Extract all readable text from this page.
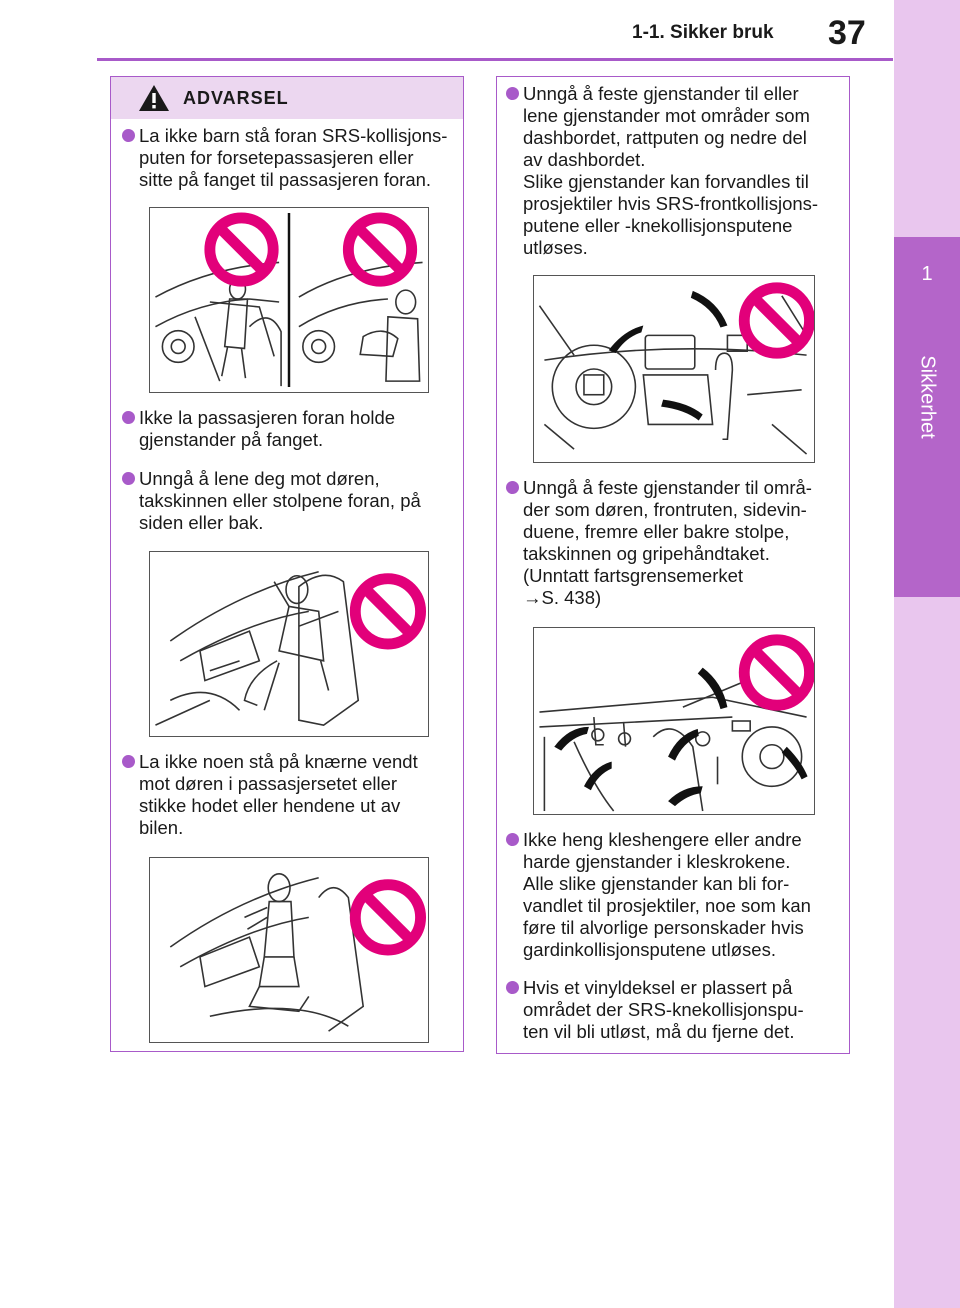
1-1. Sikker bruk 37
1
Sikkerhet
ADVARSEL
La ikke barn stå foran SRS-kollisjons-
puten for forsetepassasjeren eller
sitte på fanget til passasjeren foran.
Ikke la passasjeren foran holde
gjenstander på fanget.
Unngå å lene deg mot døren,
takskinnen eller stolpene foran, på
siden eller bak.
La ikke noen stå på knærne vendt
mot døren i passasjersetet eller
stikke hodet eller hendene ut av
bilen.
Unngå å feste gjenstander til eller
lene gjenstander mot områder som
dashbordet, rattputen og nedre del
av dashbordet.
Slike gjenstander kan forvandles til
prosjektiler hvis SRS-frontkollisjons-
putene eller -knekollisjonsputene
utløses.
Unngå å feste gjenstander til områ-
der som døren, frontruten, sidevin-
duene, fremre eller bakre stolpe,
takskinnen og gripehåndtaket.
(Unntatt fartsgrensemerket
→S. 438)
Ikke heng kleshengere eller andre
harde gjenstander i kleskrokene.
Alle slike gjenstander kan bli for-
vandlet til prosjektiler, noe som kan
føre til alvorlige personskader hvis
gardinkollisjonsputene utløses.
Hvis et vinyldeksel er plassert på
området der SRS-knekollisjonspu-
ten vil bli utløst, må du fjerne det.
